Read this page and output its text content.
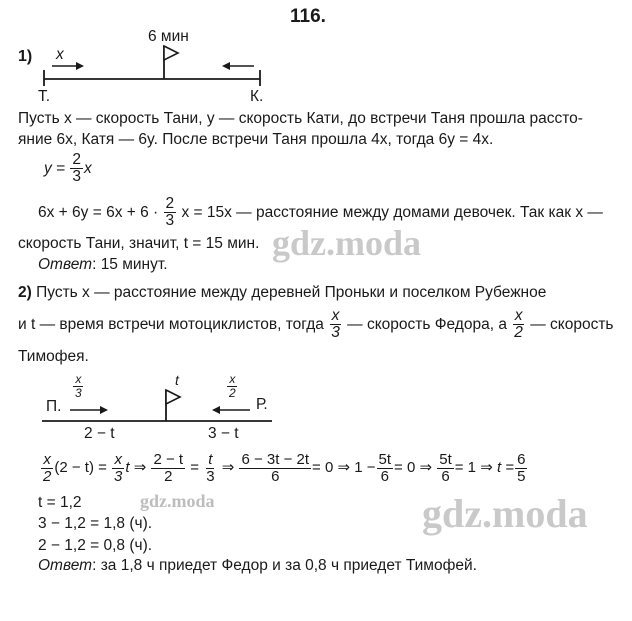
116.
1) x
6 мин
Т.	К.
Пусть x — скорость Тани, y — скорость Кати, до встречи Таня прошла рассто-
яние 6x, Катя — 6y. После встречи Таня прошла 4x, тогда 6y = 4x.
$y = \frac{2}{3}$ x
$6x + 6y = 6x + 6 \cdot \frac{2}{3}$ x = 15x — расстояние между домами девочек. Так как x —
скорость Тани, значит, t = 15 мин.
Ответ: 15 минут.
2) Пусть x — расстояние между деревней Проньки и поселком Рубежное
и t — время встречи мотоциклистов, тогда $\frac{x}{3}$ — скорость Федора, а $\frac{x}{2}$ — скорость
Тимофея.
П.	Р.
$\frac{x}{3}$	$\frac{x}{2}$
t
2 − t	3 − t
$\frac{x}{2} (2 - t) = \frac{x}{3}$ t ⇒ $\frac{2 - t}{2} = \frac{t}{3}$ ⇒ $\frac{6 - 3t - 2t}{6} = 0$ ⇒ $1 - \frac{5t}{6} = 0$ ⇒ $\frac{5t}{6} = 1$ ⇒ $t = \frac{6}{5}$
t = 1,2
3 − 1,2 = 1,8 (ч).
2 − 1,2 = 0,8 (ч).
Ответ: за 1,8 ч приедет Федор и за 0,8 ч приедет Тимофей.
gdz.moda
gdz.moda	gdz.moda
